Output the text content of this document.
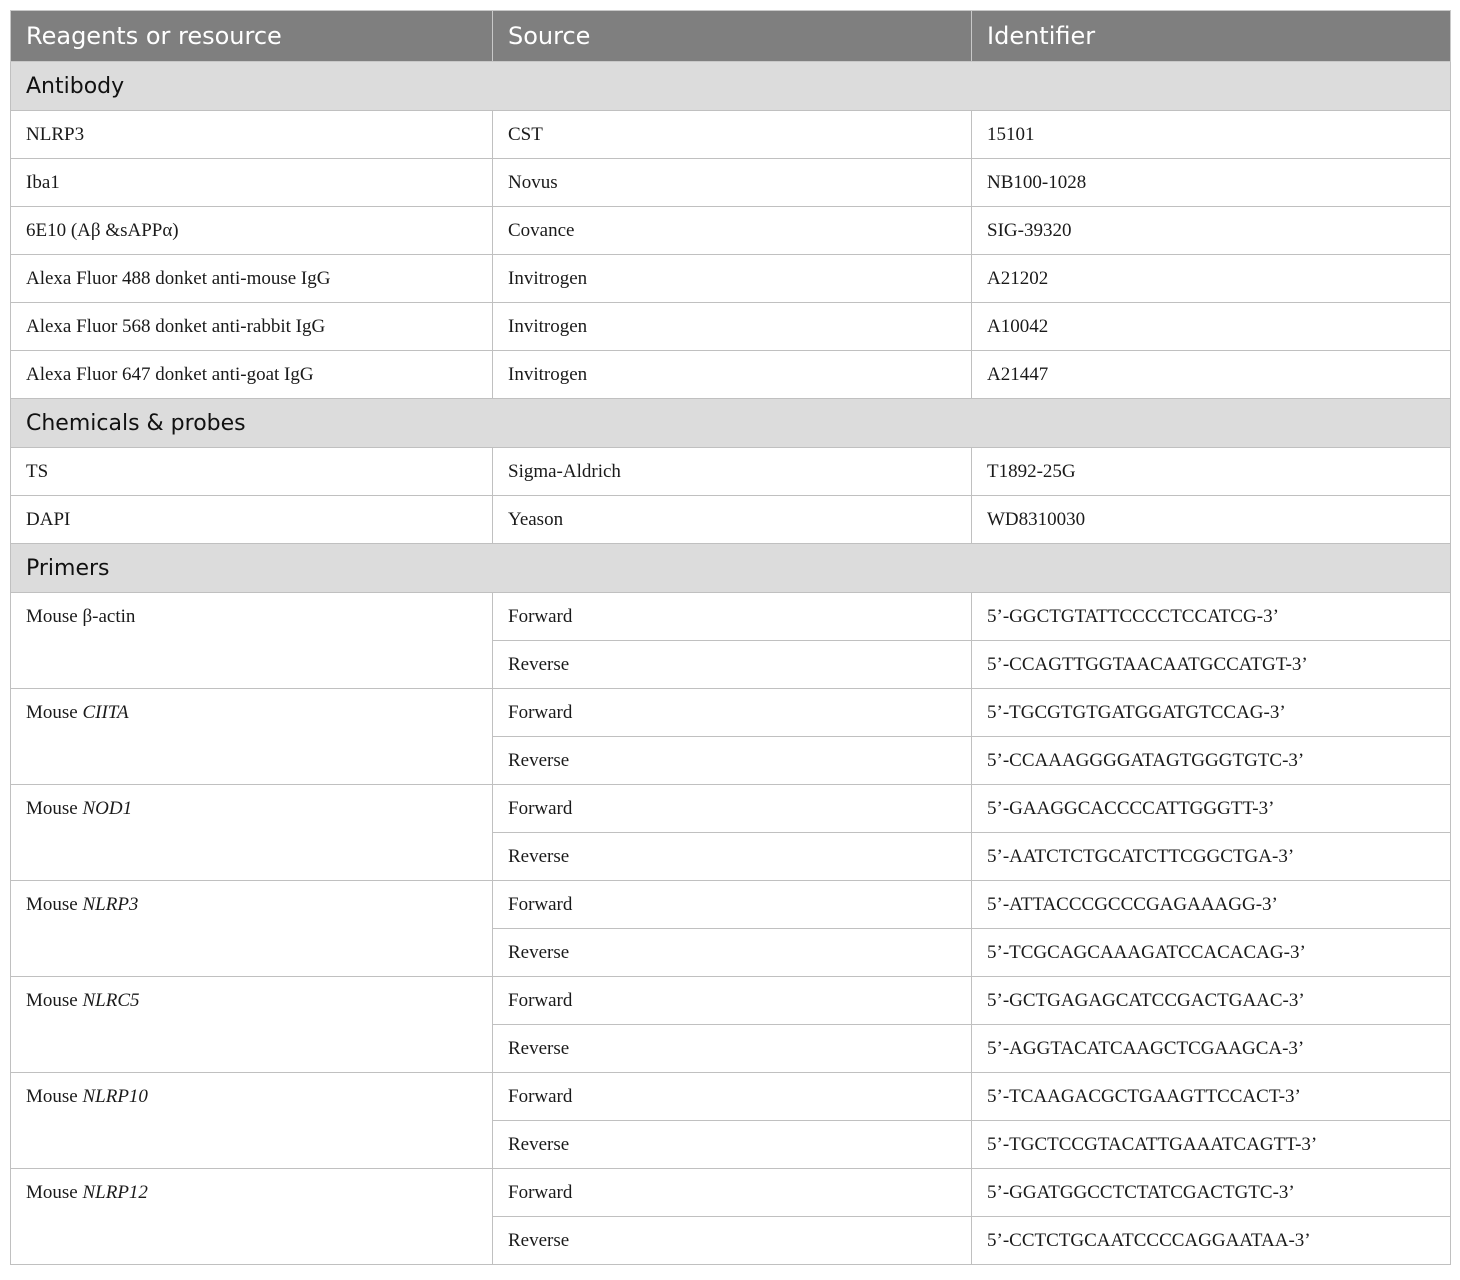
Reagents or resource	Source	Identifier
Antibody		
NLRP3	CST	15101
Iba1	Novus	NB100-1028
6E10 (Aβ &sAPPα)	Covance	SIG-39320
Alexa Fluor 488 donket anti-mouse IgG	Invitrogen	A21202
Alexa Fluor 568 donket anti-rabbit IgG	Invitrogen	A10042
Alexa Fluor 647 donket anti-goat IgG	Invitrogen	A21447
Chemicals & probes		
TS	Sigma-Aldrich	T1892-25G
DAPI	Yeason	WD8310030
Primers		
Mouse β-actin	Forward	5’-GGCTGTATTCCCCTCCATCG-3’
	Reverse	5’-CCAGTTGGTAACAATGCCATGT-3’
Mouse CIITA	Forward	5’-TGCGTGTGATGGATGTCCAG-3’
	Reverse	5’-CCAAAGGGGATAGTGGGTGTC-3’
Mouse NOD1	Forward	5’-GAAGGCACCCCATTGGGTT-3’
	Reverse	5’-AATCTCTGCATCTTCGGCTGA-3’
Mouse NLRP3	Forward	5’-ATTACCCGCCCGAGAAAGG-3’
	Reverse	5’-TCGCAGCAAAGATCCACACAG-3’
Mouse NLRC5	Forward	5’-GCTGAGAGCATCCGACTGAAC-3’
	Reverse	5’-AGGTACATCAAGCTCGAAGCA-3’
Mouse NLRP10	Forward	5’-TCAAGACGCTGAAGTTCCACT-3’
	Reverse	5’-TGCTCCGTACATTGAAATCAGTT-3’
Mouse NLRP12	Forward	5’-GGATGGCCTCTATCGACTGTC-3’
	Reverse	5’-CCTCTGCAATCCCCAGGAATAA-3’
